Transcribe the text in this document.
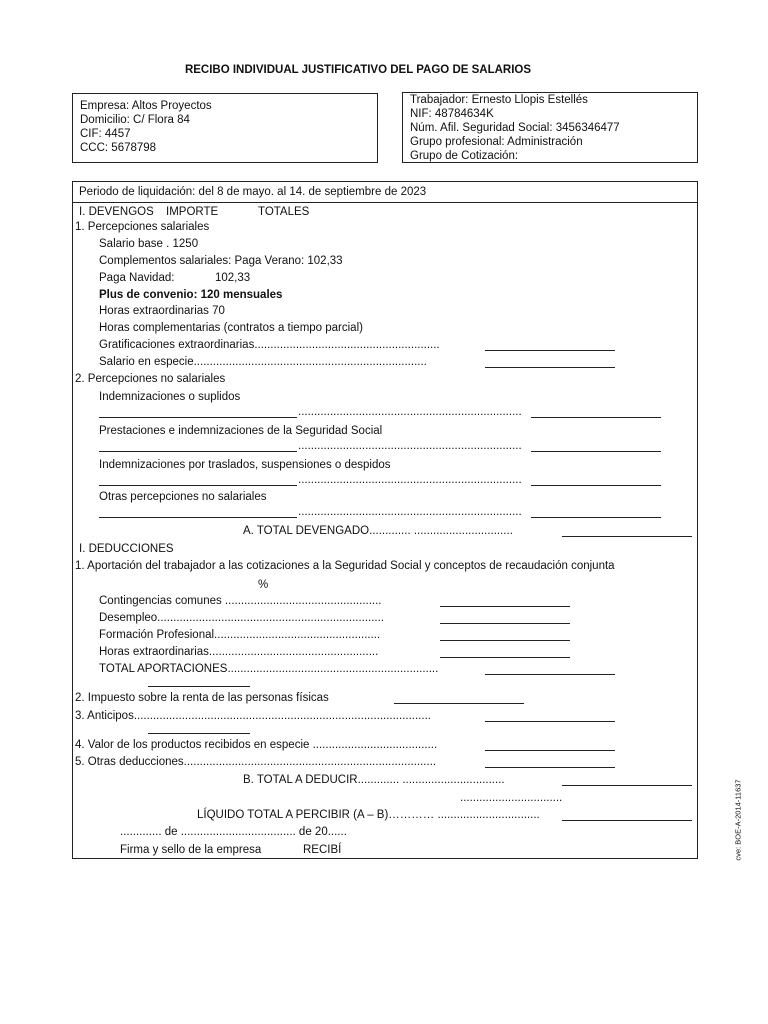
RECIBO INDIVIDUAL JUSTIFICATIVO DEL PAGO DE SALARIOS
Empresa: Altos Proyectos
Domicilio: C/ Flora 84
CIF: 4457
CCC: 5678798
Trabajador: Ernesto Llopis Estellés
NIF: 48784634K
Núm. Afil. Seguridad Social: 3456346477
Grupo profesional: Administración
Grupo de Cotización:
Periodo de liquidación: del 8 de mayo. al 14. de septiembre de 2023
I. DEVENGOS IMPORTE	TOTALES
1. Percepciones salariales
Salario base . 1250
Complementos salariales: Paga Verano: 102,33
Paga Navidad:	102,33
Plus de convenio: 120 mensuales
Horas extraordinarias 70
Horas complementarias (contratos a tiempo parcial)
Gratificaciones extraordinarias..........................................................
Salario en especie.........................................................................
2. Percepciones no salariales
Indemnizaciones o suplidos
......................................................................
Prestaciones e indemnizaciones de la Seguridad Social
......................................................................
Indemnizaciones por traslados, suspensiones o despidos
......................................................................
Otras percepciones no salariales
......................................................................
A. TOTAL DEVENGADO............. ...............................
I. DEDUCCIONES
1. Aportación del trabajador a las cotizaciones a la Seguridad Social y conceptos de recaudación conjunta
%
Contingencias comunes .................................................
Desempleo.......................................................................
Formación Profesional....................................................
Horas extraordinarias.....................................................
TOTAL APORTACIONES..................................................................
2. Impuesto sobre la renta de las personas físicas
3. Anticipos.............................................................................................
4. Valor de los productos recibidos en especie .......................................
5. Otras deducciones...............................................................................
B. TOTAL A DEDUCIR............. ................................
................................
LÍQUIDO TOTAL A PERCIBIR (A – B)………… ................................
............. de .................................... de 20......
Firma y sello de la empresa	RECIBÍ	cve: BOE-A-2014-11637
